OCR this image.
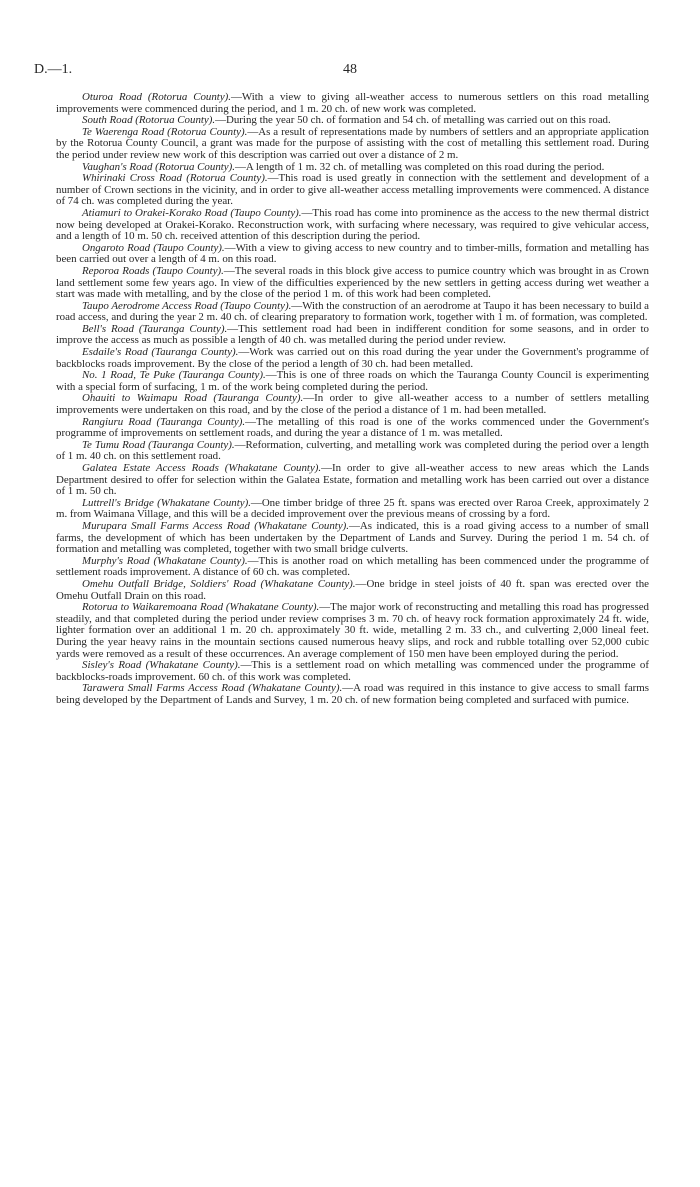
D.—1.	48

Oturoa Road (Rotorua County).—With a view to giving all-weather access to numerous settlers on this road metalling improvements were commenced during the period, and 1 m. 20 ch. of new work was completed.

South Road (Rotorua County).—During the year 50 ch. of formation and 54 ch. of metalling was carried out on this road.

Te Waerenga Road (Rotorua County).—As a result of representations made by numbers of settlers and an appropriate application by the Rotorua County Council, a grant was made for the purpose of assisting with the cost of metalling this settlement road. During the period under review new work of this description was carried out over a distance of 2 m.

Vaughan's Road (Rotorua County).—A length of 1 m. 32 ch. of metalling was completed on this road during the period.

Whirinaki Cross Road (Rotorua County).—This road is used greatly in connection with the settlement and development of a number of Crown sections in the vicinity, and in order to give all-weather access metalling improvements were commenced. A distance of 74 ch. was completed during the year.

Atiamuri to Orakei-Korako Road (Taupo County).—This road has come into prominence as the access to the new thermal district now being developed at Orakei-Korako. Reconstruction work, with surfacing where necessary, was required to give vehicular access, and a length of 10 m. 50 ch. received attention of this description during the period.

Ongaroto Road (Taupo County).—With a view to giving access to new country and to timber-mills, formation and metalling has been carried out over a length of 4 m. on this road.

Reporoa Roads (Taupo County).—The several roads in this block give access to pumice country which was brought in as Crown land settlement some few years ago. In view of the difficulties experienced by the new settlers in getting access during wet weather a start was made with metalling, and by the close of the period 1 m. of this work had been completed.

Taupo Aerodrome Access Road (Taupo County).—With the construction of an aerodrome at Taupo it has been necessary to build a road access, and during the year 2 m. 40 ch. of clearing preparatory to formation work, together with 1 m. of formation, was completed.

Bell's Road (Tauranga County).—This settlement road had been in indifferent condition for some seasons, and in order to improve the access as much as possible a length of 40 ch. was metalled during the period under review.

Esdaile's Road (Tauranga County).—Work was carried out on this road during the year under the Government's programme of backblocks roads improvement. By the close of the period a length of 30 ch. had been metalled.

No. 1 Road, Te Puke (Tauranga County).—This is one of three roads on which the Tauranga County Council is experimenting with a special form of surfacing, 1 m. of the work being completed during the period.

Ohauiti to Waimapu Road (Tauranga County).—In order to give all-weather access to a number of settlers metalling improvements were undertaken on this road, and by the close of the period a distance of 1 m. had been metalled.

Rangiuru Road (Tauranga County).—The metalling of this road is one of the works commenced under the Government's programme of improvements on settlement roads, and during the year a distance of 1 m. was metalled.

Te Tumu Road (Tauranga County).—Reformation, culverting, and metalling work was completed during the period over a length of 1 m. 40 ch. on this settlement road.

Galatea Estate Access Roads (Whakatane County).—In order to give all-weather access to new areas which the Lands Department desired to offer for selection within the Galatea Estate, formation and metalling work has been carried out over a distance of 1 m. 50 ch.

Luttrell's Bridge (Whakatane County).—One timber bridge of three 25 ft. spans was erected over Raroa Creek, approximately 2 m. from Waimana Village, and this will be a decided improvement over the previous means of crossing by a ford.

Murupara Small Farms Access Road (Whakatane County).—As indicated, this is a road giving access to a number of small farms, the development of which has been undertaken by the Department of Lands and Survey. During the period 1 m. 54 ch. of formation and metalling was completed, together with two small bridge culverts.

Murphy's Road (Whakatane County).—This is another road on which metalling has been commenced under the programme of settlement roads improvement. A distance of 60 ch. was completed.

Omehu Outfall Bridge, Soldiers' Road (Whakatane County).—One bridge in steel joists of 40 ft. span was erected over the Omehu Outfall Drain on this road.

Rotorua to Waikaremoana Road (Whakatane County).—The major work of reconstructing and metalling this road has progressed steadily, and that completed during the period under review comprises 3 m. 70 ch. of heavy rock formation approximately 24 ft. wide, lighter formation over an additional 1 m. 20 ch. approximately 30 ft. wide, metalling 2 m. 33 ch., and culverting 2,000 lineal feet. During the year heavy rains in the mountain sections caused numerous heavy slips, and rock and rubble totalling over 52,000 cubic yards were removed as a result of these occurrences. An average complement of 150 men have been employed during the period.

Sisley's Road (Whakatane County).—This is a settlement road on which metalling was commenced under the programme of backblocks-roads improvement. 60 ch. of this work was completed.

Tarawera Small Farms Access Road (Whakatane County).—A road was required in this instance to give access to small farms being developed by the Department of Lands and Survey, 1 m. 20 ch. of new formation being completed and surfaced with pumice.
